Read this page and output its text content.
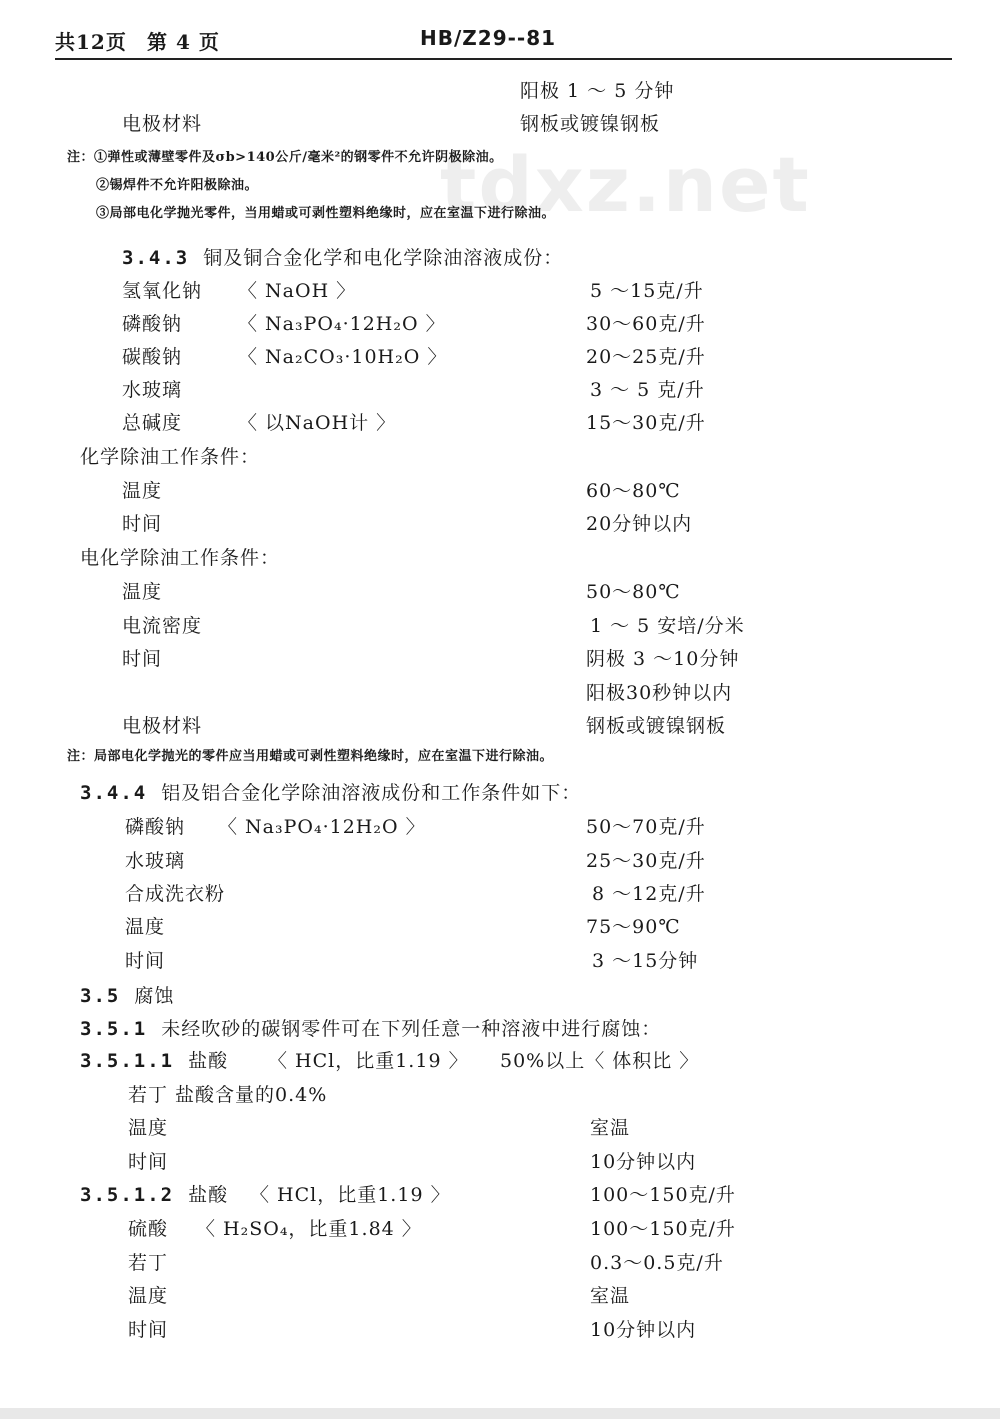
tdxz.net
共12页 第 4 页	HB/Z29--81
阳极 1 ～ 5 分钟
电极材料	钢板或镀镍钢板
注：①弹性或薄壁零件及σb>140公斤/毫米²的钢零件不允许阴极除油。
②锡焊件不允许阳极除油。
③局部电化学抛光零件，当用蜡或可剥性塑料绝缘时，应在室温下进行除油。
3.4.3 铜及铜合金化学和电化学除油溶液成份：
氢氧化钠 〈 NaOH 〉	5 ～15克/升
磷酸钠	〈 Na₃PO₄·12H₂O 〉	30～60克/升
碳酸钠	〈 Na₂CO₃·10H₂O 〉	20～25克/升
水玻璃	3 ～ 5 克/升
总碱度	〈 以NaOH计 〉	15～30克/升
化学除油工作条件：
温度	60～80℃
时间	20分钟以内
电化学除油工作条件：
温度	50～80℃
电流密度	1 ～ 5 安培/分米
时间	阴极 3 ～10分钟
阳极30秒钟以内
电极材料	钢板或镀镍钢板
注：局部电化学抛光的零件应当用蜡或可剥性塑料绝缘时，应在室温下进行除油。
3.4.4 铝及铝合金化学除油溶液成份和工作条件如下：
磷酸钠 〈 Na₃PO₄·12H₂O 〉	50～70克/升
水玻璃	25～30克/升
合成洗衣粉	8 ～12克/升
温度	75～90℃
时间	3 ～15分钟
3.5 腐蚀
3.5.1 未经吹砂的碳钢零件可在下列任意一种溶液中进行腐蚀：
3.5.1.1 盐酸 〈 HCl，比重1.19 〉 50%以上〈 体积比 〉
若丁 盐酸含量的0.4%
温度	室温
时间	10分钟以内
3.5.1.2 盐酸 〈 HCl，比重1.19 〉	100～150克/升
硫酸 〈 H₂SO₄，比重1.84 〉	100～150克/升
若丁	0.3～0.5克/升
温度	室温
时间	10分钟以内
